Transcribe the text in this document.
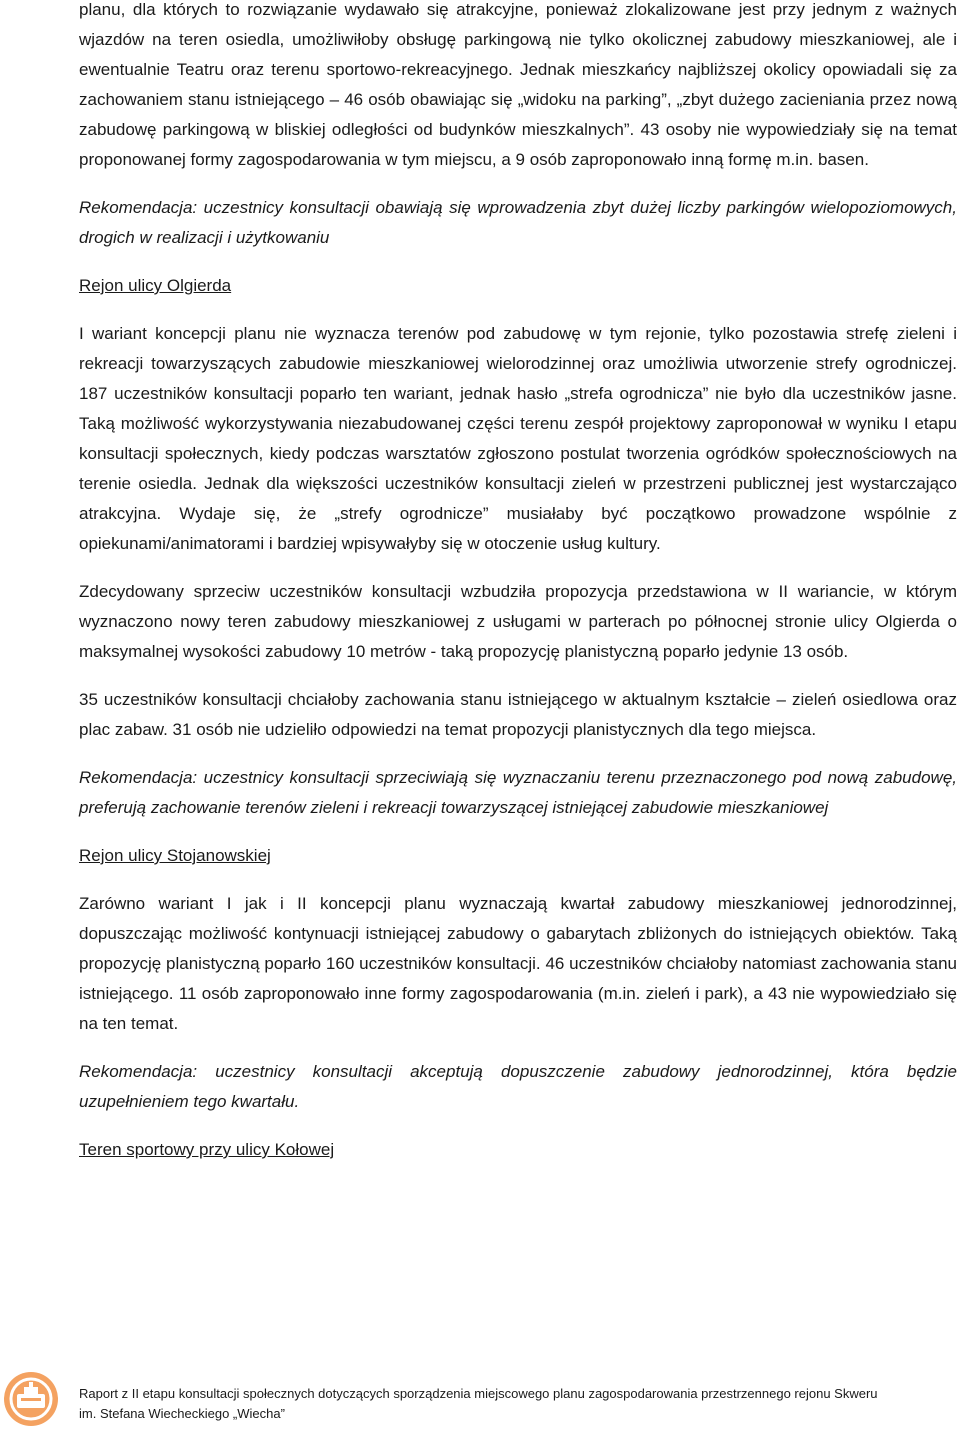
planu, dla których to rozwiązanie wydawało się atrakcyjne, ponieważ zlokalizowane jest przy jednym z ważnych wjazdów na teren osiedla, umożliwiłoby obsługę parkingową nie tylko okolicznej zabudowy mieszkaniowej, ale i ewentualnie Teatru oraz terenu sportowo-rekreacyjnego. Jednak mieszkańcy najbliższej okolicy opowiadali się za zachowaniem stanu istniejącego – 46 osób obawiając się „widoku na parking”, „zbyt dużego zacieniania przez nową zabudowę parkingową w bliskiej odległości od budynków mieszkalnych”. 43 osoby nie wypowiedziały się na temat proponowanej formy zagospodarowania w tym miejscu, a 9 osób zaproponowało inną formę m.in. basen.

Rekomendacja: uczestnicy konsultacji obawiają się wprowadzenia zbyt dużej liczby parkingów wielopoziomowych, drogich w realizacji i użytkowaniu

Rejon ulicy Olgierda

I wariant koncepcji planu nie wyznacza terenów pod zabudowę w tym rejonie, tylko pozostawia strefę zieleni i rekreacji towarzyszących zabudowie mieszkaniowej wielorodzinnej oraz umożliwia utworzenie strefy ogrodniczej. 187 uczestników konsultacji poparło ten wariant, jednak hasło „strefa ogrodnicza” nie było dla uczestników jasne. Taką możliwość wykorzystywania niezabudowanej części terenu zespół projektowy zaproponował w wyniku I etapu konsultacji społecznych, kiedy podczas warsztatów zgłoszono postulat tworzenia ogródków społecznościowych na terenie osiedla. Jednak dla większości uczestników konsultacji zieleń w przestrzeni publicznej jest wystarczająco atrakcyjna. Wydaje się, że „strefy ogrodnicze” musiałaby być początkowo prowadzone wspólnie z opiekunami/animatorami i bardziej wpisywałyby się w otoczenie usług kultury.

Zdecydowany sprzeciw uczestników konsultacji wzbudziła propozycja przedstawiona w II wariancie, w którym wyznaczono nowy teren zabudowy mieszkaniowej z usługami w parterach po północnej stronie ulicy Olgierda o maksymalnej wysokości zabudowy 10 metrów - taką propozycję planistyczną poparło jedynie 13 osób.

35 uczestników konsultacji chciałoby zachowania stanu istniejącego w aktualnym kształcie – zieleń osiedlowa oraz plac zabaw. 31 osób nie udzieliło odpowiedzi na temat propozycji planistycznych dla tego miejsca.

Rekomendacja: uczestnicy konsultacji sprzeciwiają się wyznaczaniu terenu przeznaczonego pod nową zabudowę, preferują zachowanie terenów zieleni i rekreacji towarzyszącej istniejącej zabudowie mieszkaniowej

Rejon ulicy Stojanowskiej

Zarówno wariant I jak i II koncepcji planu wyznaczają kwartał zabudowy mieszkaniowej jednorodzinnej, dopuszczając możliwość kontynuacji istniejącej zabudowy o gabarytach zbliżonych do istniejących obiektów. Taką propozycję planistyczną poparło 160 uczestników konsultacji. 46 uczestników chciałoby natomiast zachowania stanu istniejącego. 11 osób zaproponowało inne formy zagospodarowania (m.in. zieleń i park), a 43 nie wypowiedziało się na ten temat.

Rekomendacja: uczestnicy konsultacji akceptują dopuszczenie zabudowy jednorodzinnej, która będzie uzupełnieniem tego kwartału.

Teren sportowy przy ulicy Kołowej

Raport z II etapu konsultacji społecznych dotyczących sporządzenia miejscowego planu zagospodarowania przestrzennego rejonu Skweru
im. Stefana Wiecheckiego „Wiecha”
